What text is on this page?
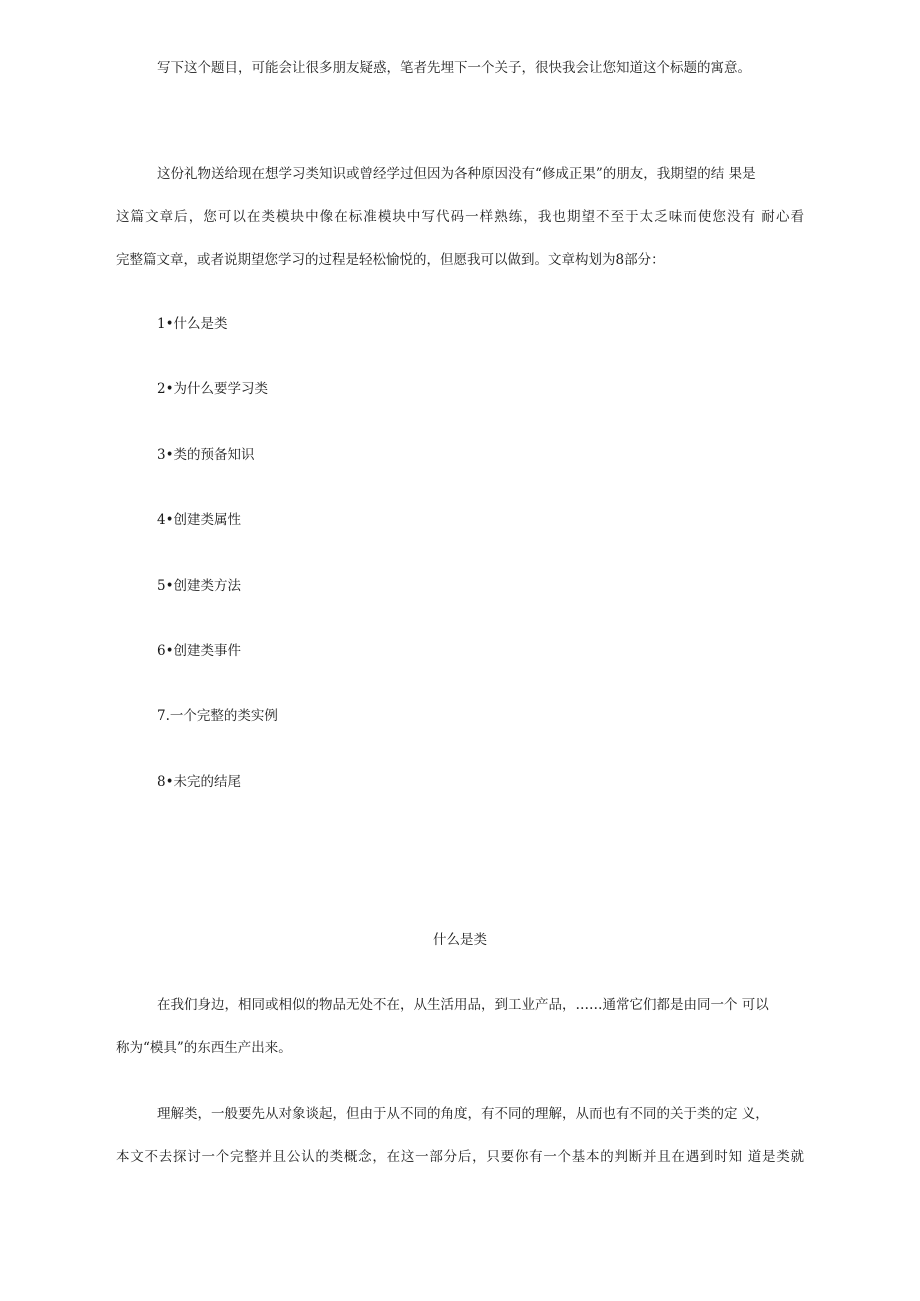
写下这个题目，可能会让很多朋友疑惑，笔者先埋下一个关子，很快我会让您知道这个标题的寓意。
这份礼物送给现在想学习类知识或曾经学过但因为各种原因没有“修成正果”的朋友，我期望的结 果是
这篇文章后，您可以在类模块中像在标准模块中写代码一样熟练，我也期望不至于太乏味而使您没有 耐心看
完整篇文章，或者说期望您学习的过程是轻松愉悦的，但愿我可以做到。文章构划为8部分：
1•什么是类
2•为什么要学习类
3•类的预备知识
4•创建类属性
5•创建类方法
6•创建类事件
7.一个完整的类实例
8•未完的结尾
什么是类
在我们身边，相同或相似的物品无处不在，从生活用品，到工业产品，……通常它们都是由同一个 可以
称为“模具”的东西生产出来。
理解类，一般要先从对象谈起，但由于从不同的角度，有不同的理解，从而也有不同的关于类的定 义，
本文不去探讨一个完整并且公认的类概念，在这一部分后，只要你有一个基本的判断并且在遇到时知 道是类就
